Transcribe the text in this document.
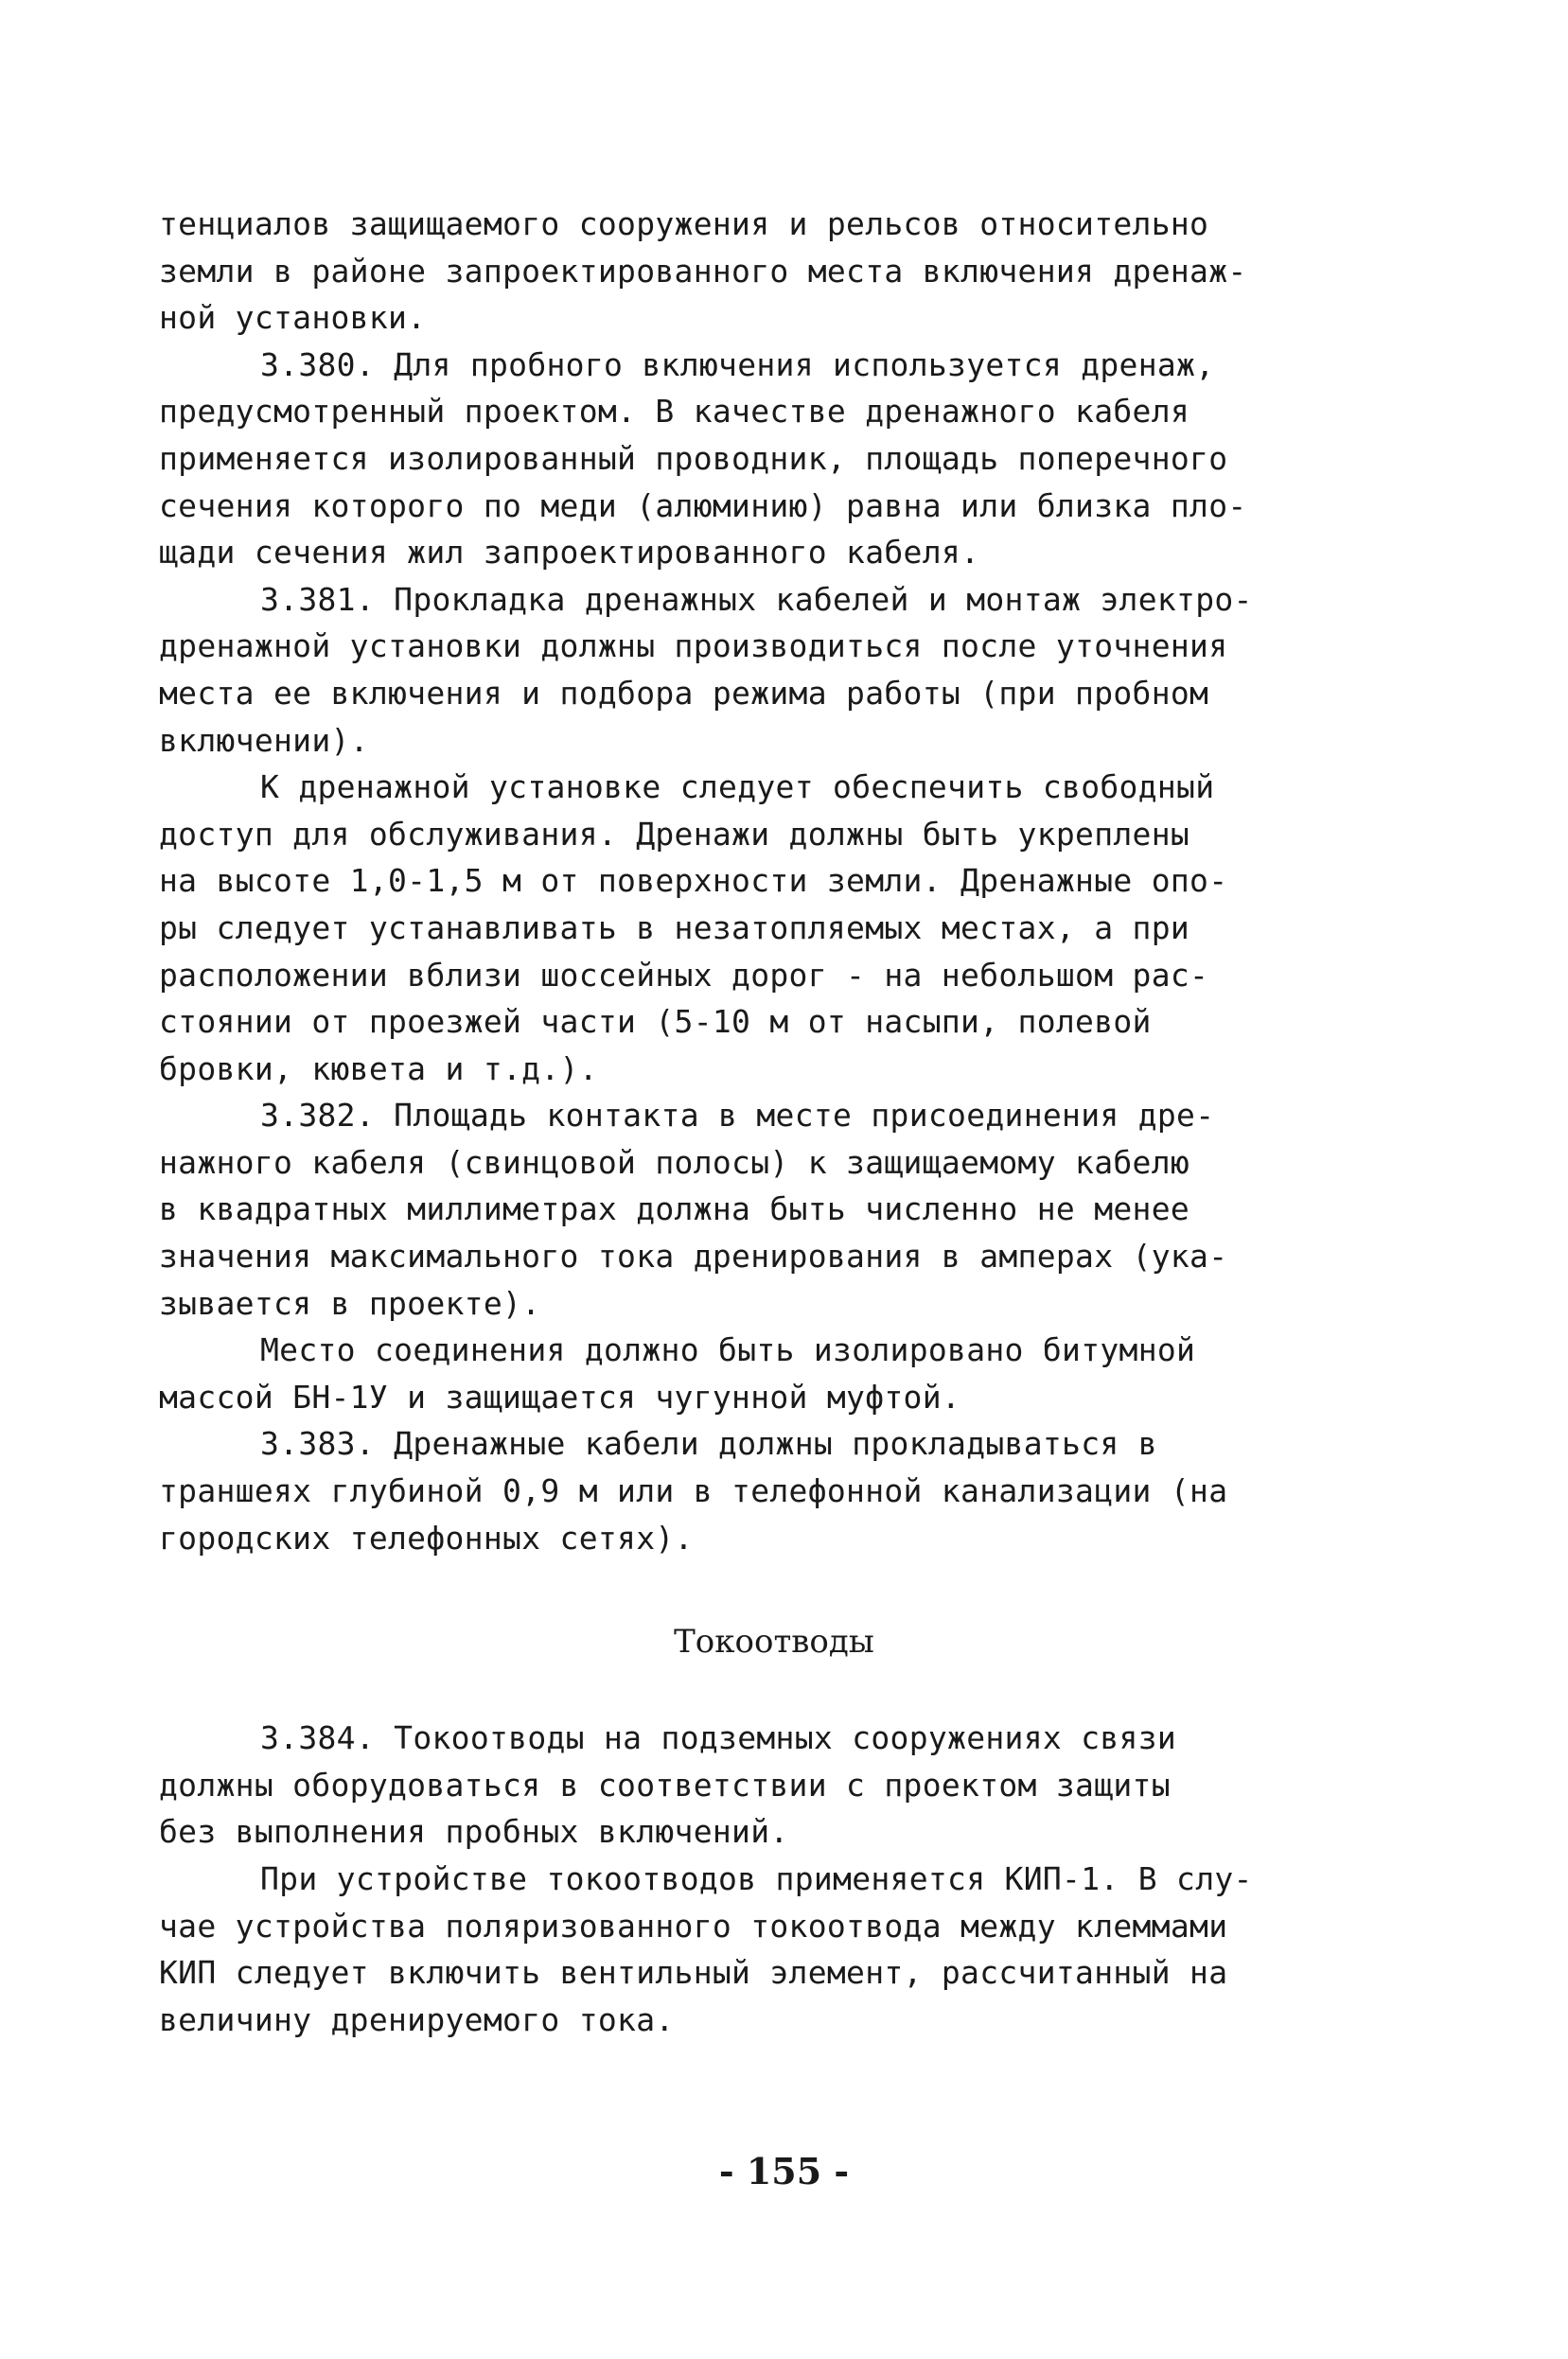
тенциалов защищаемого сооружения и рельсов относительно
земли в районе запроектированного места включения дренаж-
ной установки.
3.380. Для пробного включения используется дренаж,
предусмотренный проектом. В качестве дренажного кабеля
применяется изолированный проводник, площадь поперечного
сечения которого по меди (алюминию) равна или близка пло-
щади сечения жил запроектированного кабеля.
3.381. Прокладка дренажных кабелей и монтаж электро-
дренажной установки должны производиться после уточнения
места ее включения и подбора режима работы (при пробном
включении).
К дренажной установке следует обеспечить свободный
доступ для обслуживания. Дренажи должны быть укреплены
на высоте 1,0-1,5 м от поверхности земли. Дренажные опо-
ры следует устанавливать в незатопляемых местах, а при
расположении вблизи шоссейных дорог - на небольшом рас-
стоянии от проезжей части (5-10 м от насыпи, полевой
бровки, кювета и т.д.).
3.382. Площадь контакта в месте присоединения дре-
нажного кабеля (свинцовой полосы) к защищаемому кабелю
в квадратных миллиметрах должна быть численно не менее
значения максимального тока дренирования в амперах (ука-
зывается в проекте).
Место соединения должно быть изолировано битумной
массой БН-1У и защищается чугунной муфтой.
3.383. Дренажные кабели должны прокладываться в
траншеях глубиной 0,9 м или в телефонной канализации (на
городских телефонных сетях).
Токоотводы
3.384. Токоотводы на подземных сооружениях связи
должны оборудоваться в соответствии с проектом защиты
без выполнения пробных включений.
При устройстве токоотводов применяется КИП-1. В слу-
чае устройства поляризованного токоотвода между клеммами
КИП следует включить вентильный элемент, рассчитанный на
величину дренируемого тока.
- 155 -
